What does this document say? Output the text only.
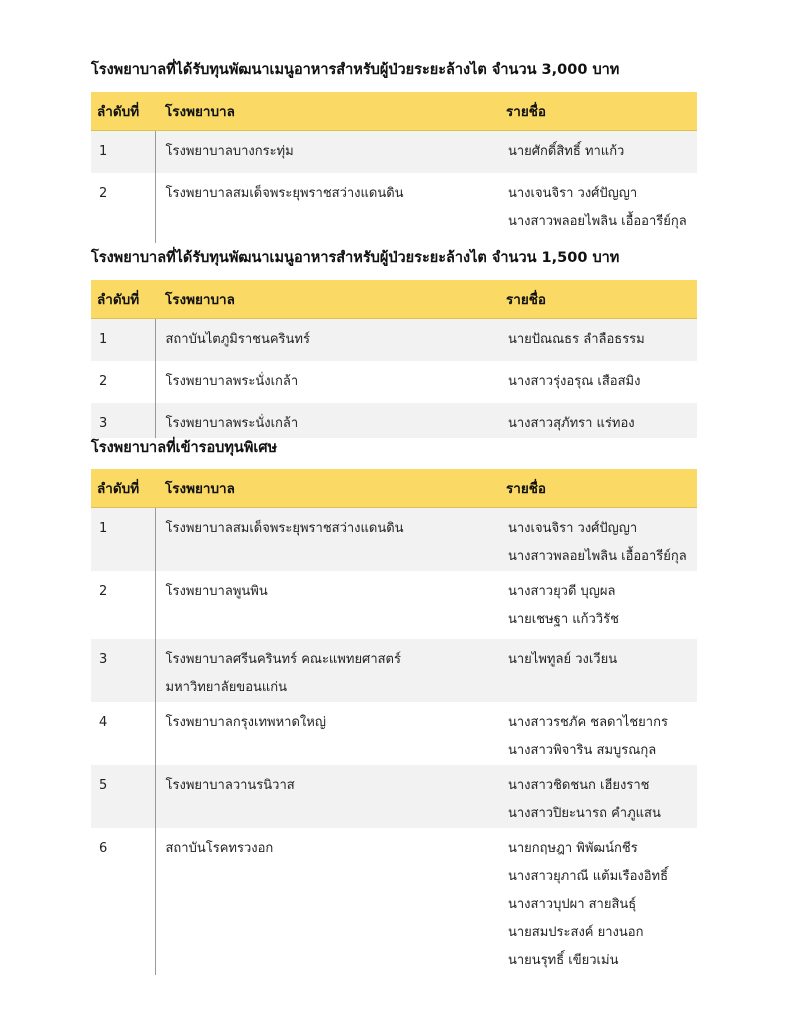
โรงพยาบาลที่ได้รับทุนพัฒนาเมนูอาหารสำหรับผู้ป่วยระยะล้างไต จำนวน 3,000 บาท
ลำดับที่	โรงพยาบาล	รายชื่อ
1	โรงพยาบาลบางกระทุ่ม	นายศักดิ์สิทธิ์ ทาแก้ว

2	โรงพยาบาลสมเด็จพระยุพราชสว่างแดนดิน	นางเจนจิรา วงศ์ปัญญา
นางสาวพลอยไพลิน เอื้ออารีย์กุล
โรงพยาบาลที่ได้รับทุนพัฒนาเมนูอาหารสำหรับผู้ป่วยระยะล้างไต จำนวน 1,500 บาท
ลำดับที่	โรงพยาบาล	รายชื่อ
1	สถาบันไตภูมิราชนครินทร์	นายปัณณธร ลำลือธรรม

2	โรงพยาบาลพระนั่งเกล้า	นางสาวรุ่งอรุณ เสือสมิง

3	โรงพยาบาลพระนั่งเกล้า	นางสาวสุภัทรา แร่ทอง
โรงพยาบาลที่เข้ารอบทุนพิเศษ
ลำดับที่	โรงพยาบาล	รายชื่อ
1	โรงพยาบาลสมเด็จพระยุพราชสว่างแดนดิน	นางเจนจิรา วงศ์ปัญญา
นางสาวพลอยไพลิน เอื้ออารีย์กุล

2	โรงพยาบาลพูนพิน	นางสาวยุวดี บุญผล
นายเชษฐา แก้ววิรัช

3	โรงพยาบาลศรีนครินทร์ คณะแพทยศาสตร์
มหาวิทยาลัยขอนแก่น	นายไพทูลย์ วงเวียน

4	โรงพยาบาลกรุงเทพหาดใหญ่	นางสาวรชภัค ชลดาไชยากร
นางสาวพิจาริน สมบูรณกุล

5	โรงพยาบาลวานรนิวาส	นางสาวชิดชนก เฮียงราช
นางสาวปิยะนารถ คำภูแสน

6	สถาบันโรคทรวงอก	นายกฤษฎา พิพัฒน์กชีร
นางสาวยุภาณี แต้มเรืองอิทธิ์
นางสาวบุปผา สายสินธุ์
นายสมประสงค์ ยางนอก
นายนรุทธิ์ เขียวเม่น
